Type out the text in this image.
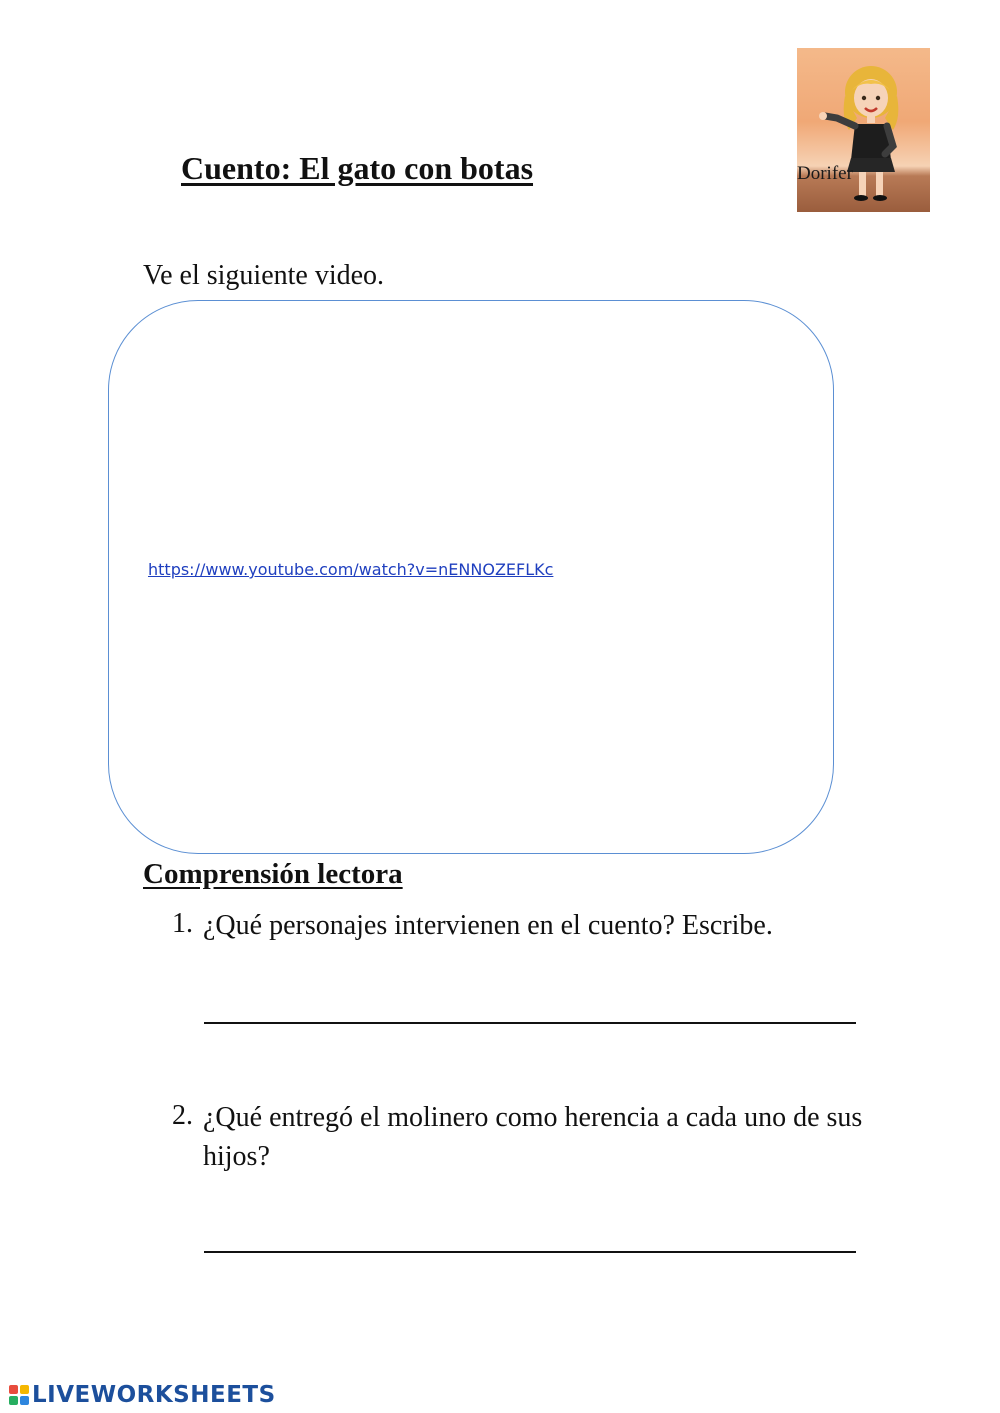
Cuento: El gato con botas	Dorifer
Ve el siguiente video.
https://www.youtube.com/watch?v=nENNOZEFLKc
Comprensión lectora
1. ¿Qué personajes intervienen en el cuento? Escribe.
2. ¿Qué entregó el molinero como herencia a cada uno de sus hijos?
LIVEWORKSHEETS
